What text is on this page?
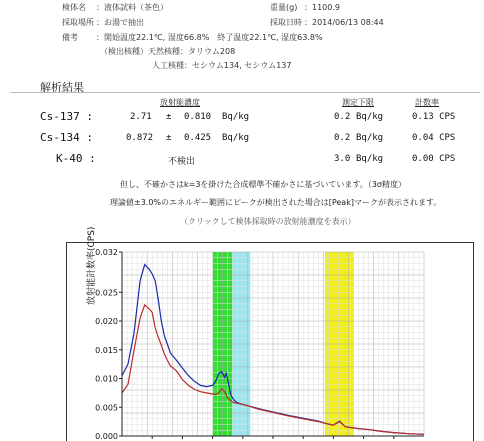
検体名 ：液体試料（茶色）	重量(g) ：1100.9
採取場所 ：お湯で抽出	採取日時 ：2014/06/13 08:44
備考 ：開始温度22.1℃, 湿度66.8%　終了温度22.1℃, 湿度63.8%
（検出核種）天然核種：タリウム208
人工核種：セシウム134, セシウム137
解析結果
放射能濃度	測定下限	計数率
Cs-137 :	2.71 ± 0.810 Bq/kg	0.2 Bq/kg	0.13 CPS
Cs-134 :	0.872 ± 0.425 Bq/kg	0.2 Bq/kg	0.04 CPS
K-40 :	不検出	3.0 Bq/kg	0.00 CPS
但し、不確かさはk=3を掛けた合成標準不確かさに基づいています。（3σ精度）
理論値±3.0%のエネルギー範囲にピークが検出された場合は[Peak]マークが表示されます。
（クリックして検体採取時の放射能濃度を表示）
0.032
0.025
0.020
0.015
0.010
0.005
0.000
放射能計数率(CPS)
